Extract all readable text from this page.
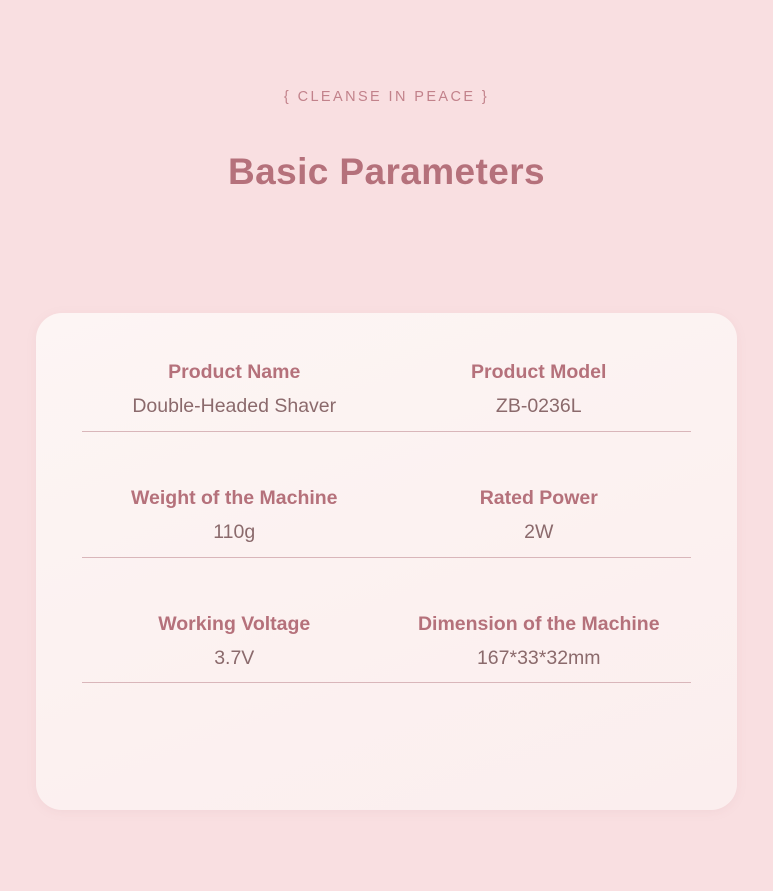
{ CLEANSE IN PEACE }
Basic Parameters
Product Name
Double-Headed Shaver
Product Model
ZB-0236L
Weight of the Machine
110g
Rated Power
2W
Working Voltage
3.7V
Dimension of the Machine
167*33*32mm
